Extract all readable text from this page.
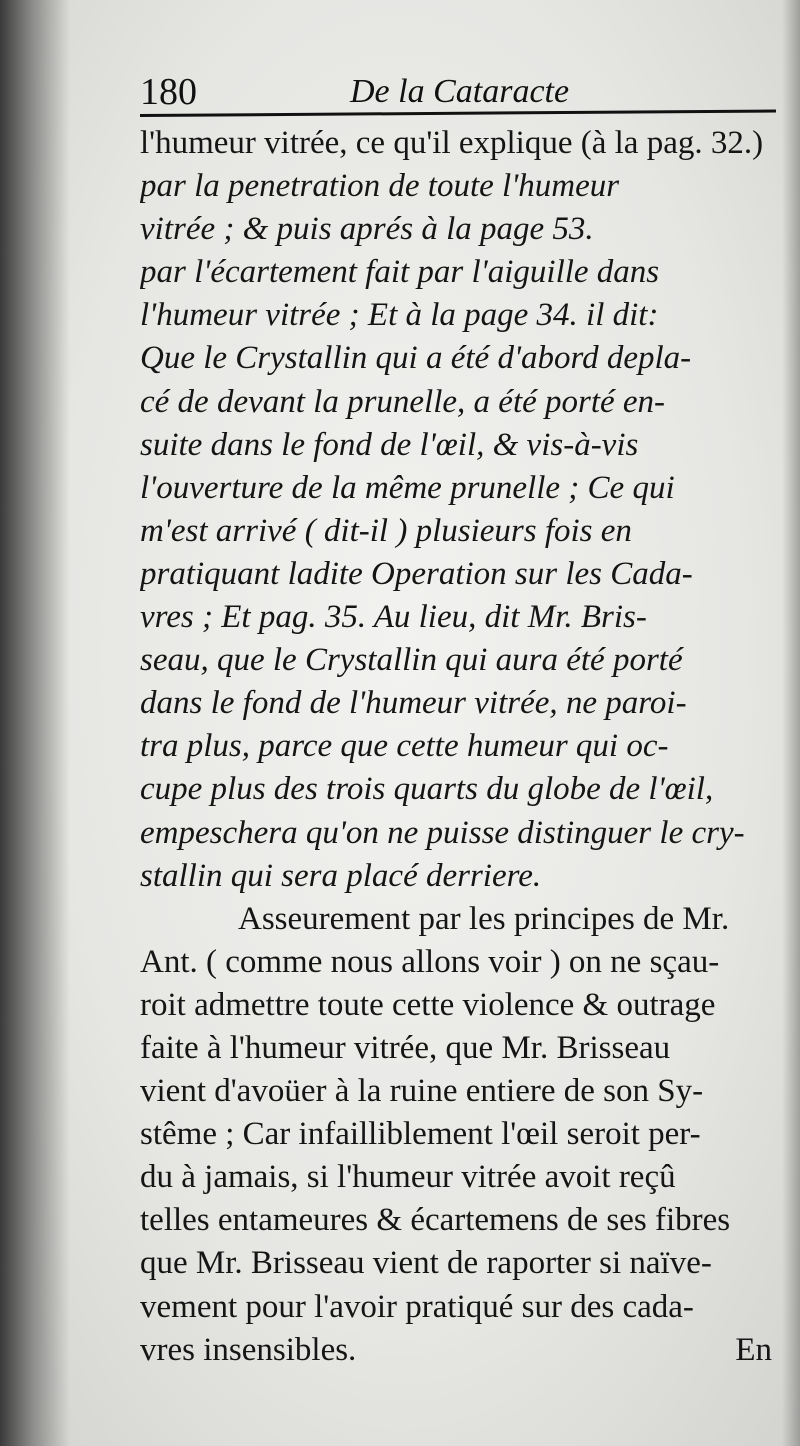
180	De la Cataracte
l'humeur vitrée, ce qu'il explique (à la pag. 32.)
par la penetration de toute l'humeur
vitrée ; & puis aprés à la page 53.
par l'écartement fait par l'aiguille dans
l'humeur vitrée ; Et à la page 34. il dit:
Que le Crystallin qui a été d'abord depla-
cé de devant la prunelle, a été porté en-
suite dans le fond de l'œil, & vis-à-vis
l'ouverture de la même prunelle ; Ce qui
m'est arrivé ( dit-il ) plusieurs fois en
pratiquant ladite Operation sur les Cada-
vres ; Et pag. 35. Au lieu, dit Mr. Bris-
seau, que le Crystallin qui aura été porté
dans le fond de l'humeur vitrée, ne paroi-
tra plus, parce que cette humeur qui oc-
cupe plus des trois quarts du globe de l'œil,
empeschera qu'on ne puisse distinguer le cry-
stallin qui sera placé derriere.
Asseurement par les principes de Mr.
Ant. ( comme nous allons voir ) on ne sçau-
roit admettre toute cette violence & outrage
faite à l'humeur vitrée, que Mr. Brisseau
vient d'avoüer à la ruine entiere de son Sy-
stême ; Car infailliblement l'œil seroit per-
du à jamais, si l'humeur vitrée avoit reçû
telles entameures & écartemens de ses fibres
que Mr. Brisseau vient de raporter si naïve-
vement pour l'avoir pratiqué sur des cada-
vres insensibles.	En
